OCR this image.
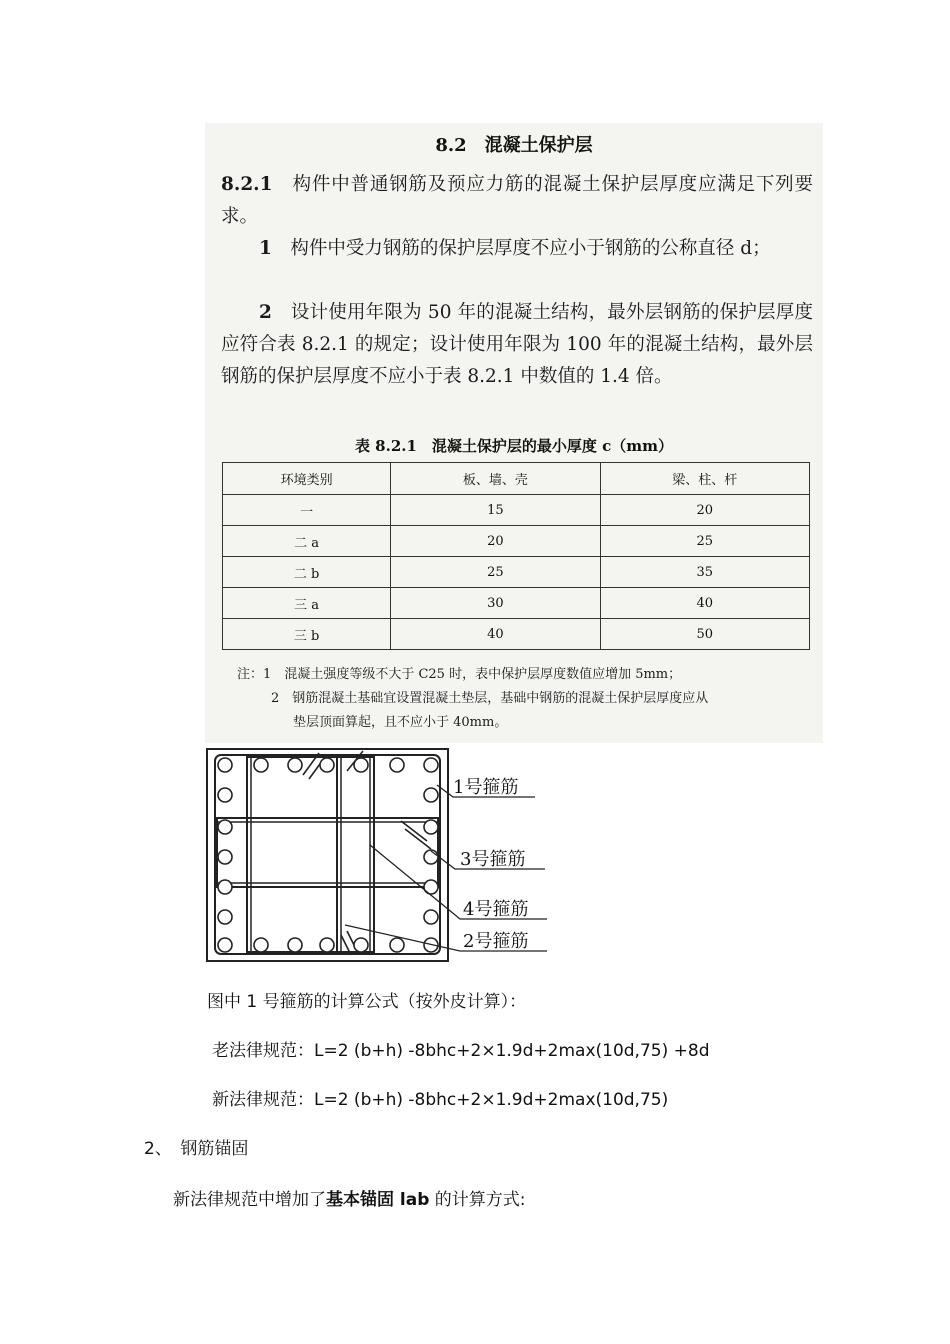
8.2　混凝土保护层
8.2.1　 构件中普通钢筋及预应力筋的混凝土保护层厚度应满足下列要求。
1　 构件中受力钢筋的保护层厚度不应小于钢筋的公称直径 d；
2　 设计使用年限为 50 年的混凝土结构，最外层钢筋的保护层厚度应符合表 8.2.1 的规定；设计使用年限为 100 年的混凝土结构，最外层钢筋的保护层厚度不应小于表 8.2.1 中数值的 1.4 倍。
表 8.2.1　混凝土保护层的最小厚度 c（mm）
环境类别	板、墙、壳	梁、柱、杆
一	15	20
二 a	20	25
二 b	25	35
三 a	30	40
三 b	40	50
注：1　 混凝土强度等级不大于 C25 时，表中保护层厚度数值应增加 5mm；
2　 钢筋混凝土基础宜设置混凝土垫层，基础中钢筋的混凝土保护层厚度应从
垫层顶面算起，且不应小于 40mm。
1号箍筋
3号箍筋
4号箍筋
2号箍筋
图中 1 号箍筋的计算公式（按外皮计算）：
老法律规范：L=2 (b+h) -8bhc+2×1.9d+2max(10d,75) +8d
新法律规范：L=2 (b+h) -8bhc+2×1.9d+2max(10d,75)
2、　 钢筋锚固
新法律规范中增加了基本锚固 lab 的计算方式:
